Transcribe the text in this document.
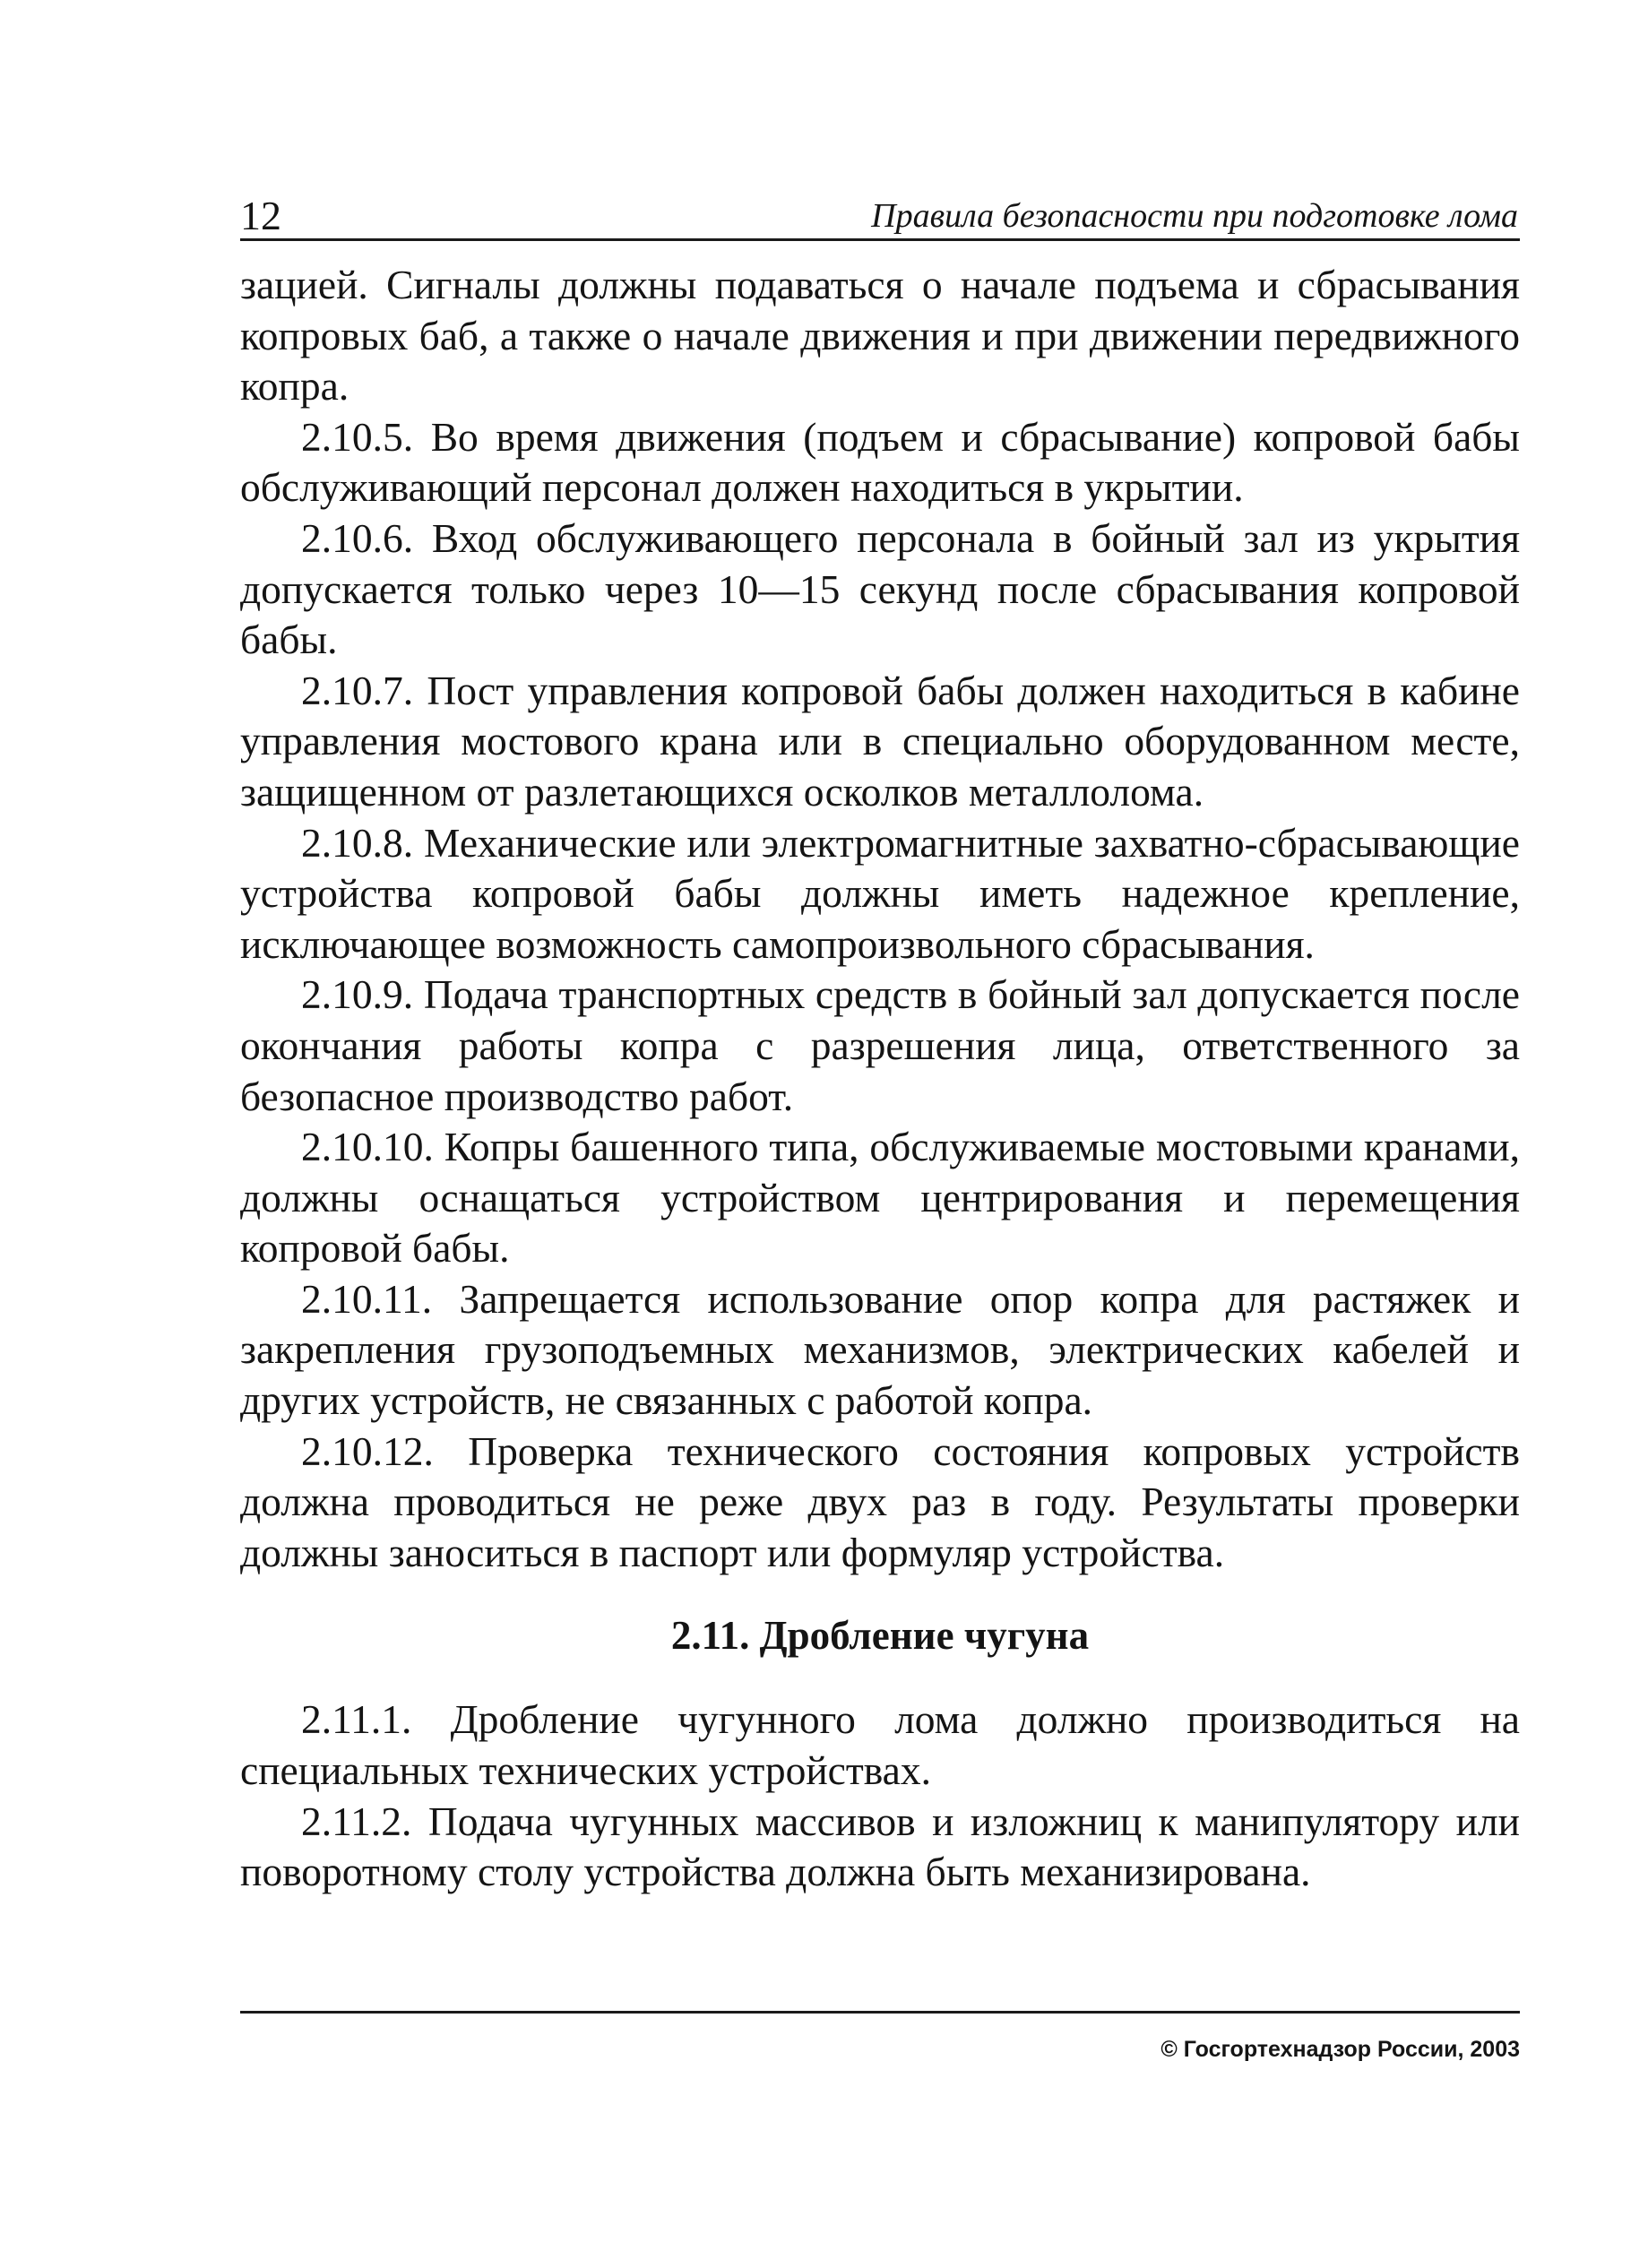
12	Правила безопасности при подготовке лома

зацией. Сигналы должны подаваться о начале подъема и сбрасывания копровых баб, а также о начале движения и при движении передвижного копра.

2.10.5. Во время движения (подъем и сбрасывание) копровой бабы обслуживающий персонал должен находиться в укрытии.

2.10.6. Вход обслуживающего персонала в бойный зал из укрытия допускается только через 10—15 секунд после сбрасывания копровой бабы.

2.10.7. Пост управления копровой бабы должен находиться в кабине управления мостового крана или в специально оборудованном месте, защищенном от разлетающихся осколков металлолома.

2.10.8. Механические или электромагнитные захватно-сбрасывающие устройства копровой бабы должны иметь надежное крепление, исключающее возможность самопроизвольного сбрасывания.

2.10.9. Подача транспортных средств в бойный зал допускается после окончания работы копра с разрешения лица, ответственного за безопасное производство работ.

2.10.10. Копры башенного типа, обслуживаемые мостовыми кранами, должны оснащаться устройством центрирования и перемещения копровой бабы.

2.10.11. Запрещается использование опор копра для растяжек и закрепления грузоподъемных механизмов, электрических кабелей и других устройств, не связанных с работой копра.

2.10.12. Проверка технического состояния копровых устройств должна проводиться не реже двух раз в году. Результаты проверки должны заноситься в паспорт или формуляр устройства.

2.11. Дробление чугуна

2.11.1. Дробление чугунного лома должно производиться на специальных технических устройствах.

2.11.2. Подача чугунных массивов и изложниц к манипулятору или поворотному столу устройства должна быть механизирована.

© Госгортехнадзор России, 2003
